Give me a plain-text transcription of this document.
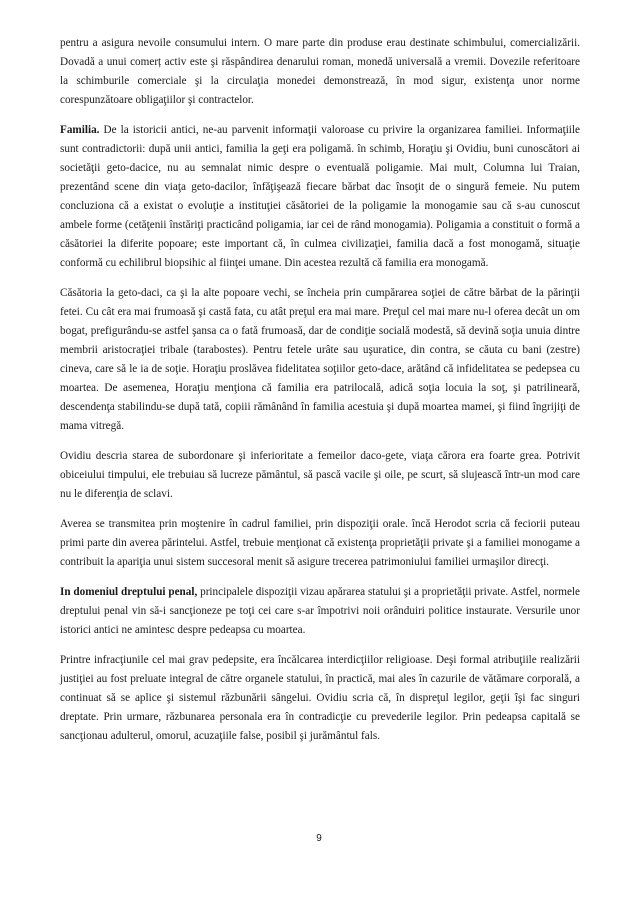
pentru a asigura nevoile consumului intern. O mare parte din produse erau destinate schimbului, comercializării. Dovadă a unui comerț activ este şi răspândirea denarului roman, monedă universală a vremii. Dovezile referitoare la schimburile comerciale şi la circulaţia monedei demonstrează, în mod sigur, existenţa unor norme corespunzătoare obligaţiilor şi contractelor.

Familia. De la istoricii antici, ne-au parvenit informaţii valoroase cu privire la organizarea familiei. Informaţiile sunt contradictorii: după unii antici, familia la geţi era poligamă. în schimb, Horaţiu şi Ovidiu, buni cunoscători ai societăţii geto-dacice, nu au semnalat nimic despre o eventuală poligamie. Mai mult, Columna lui Traian, prezentând scene din viaţa geto-dacilor, înfăţişează fiecare bărbat dac însoţit de o singură femeie. Nu putem concluziona că a existat o evoluţie a instituţiei căsătoriei de la poligamie la monogamie sau că s-au cunoscut ambele forme (cetăţenii înstăriţi practicând poligamia, iar cei de rând monogamia). Poligamia a constituit o formă a căsătoriei la diferite popoare; este important că, în culmea civilizaţiei, familia dacă a fost monogamă, situaţie conformă cu echilibrul biopsihic al fiinţei umane. Din acestea rezultă că familia era monogamă.

Căsătoria la geto-daci, ca şi la alte popoare vechi, se încheia prin cumpărarea soţiei de către bărbat de la părinţii fetei. Cu cât era mai frumoasă şi castă fata, cu atât preţul era mai mare. Preţul cel mai mare nu-l oferea decât un om bogat, prefigurându-se astfel şansa ca o fată frumoasă, dar de condiţie socială modestă, să devină soţia unuia dintre membrii aristocraţiei tribale (tarabostes). Pentru fetele urâte sau uşuratice, din contra, se căuta cu bani (zestre) cineva, care să le ia de soţie. Horaţiu proslăvea fidelitatea soţiilor geto-dace, arătând că infidelitatea se pedepsea cu moartea. De asemenea, Horaţiu menţiona că familia era patrilocală, adică soţia locuia la soţ, şi patrilineară, descendenţa stabilindu-se după tată, copiii rămânând în familia acestuia şi după moartea mamei, şi fiind îngrijiţi de mama vitregă.

Ovidiu descria starea de subordonare şi inferioritate a femeilor daco-gete, viaţa cărora era foarte grea. Potrivit obiceiului timpului, ele trebuiau să lucreze pământul, să pască vacile şi oile, pe scurt, să slujească într-un mod care nu le diferenţia de sclavi.

Averea se transmitea prin moştenire în cadrul familiei, prin dispoziţii orale. încă Herodot scria că feciorii puteau primi parte din averea părintelui. Astfel, trebuie menţionat că existenţa proprietăţii private şi a familiei monogame a contribuit la apariţia unui sistem succesoral menit să asigure trecerea patrimoniului familiei urmaşilor direcţi.

In domeniul dreptului penal, principalele dispoziţii vizau apărarea statului şi a proprietăţii private. Astfel, normele dreptului penal vin să-i sancţioneze pe toţi cei care s-ar împotrivi noii orânduiri politice instaurate. Versurile unor istorici antici ne amintesc despre pedeapsa cu moartea.

Printre infracţiunile cel mai grav pedepsite, era încălcarea interdicţiilor religioase. Deşi formal atribuţiile realizării justiţiei au fost preluate integral de către organele statului, în practică, mai ales în cazurile de vătămare corporală, a continuat să se aplice şi sistemul răzbunării sângelui. Ovidiu scria că, în dispreţul legilor, geţii îşi fac singuri dreptate. Prin urmare, răzbunarea personala era în contradicţie cu prevederile legilor. Prin pedeapsa capitală se sancţionau adulterul, omorul, acuzaţiile false, posibil şi jurământul fals.

9
